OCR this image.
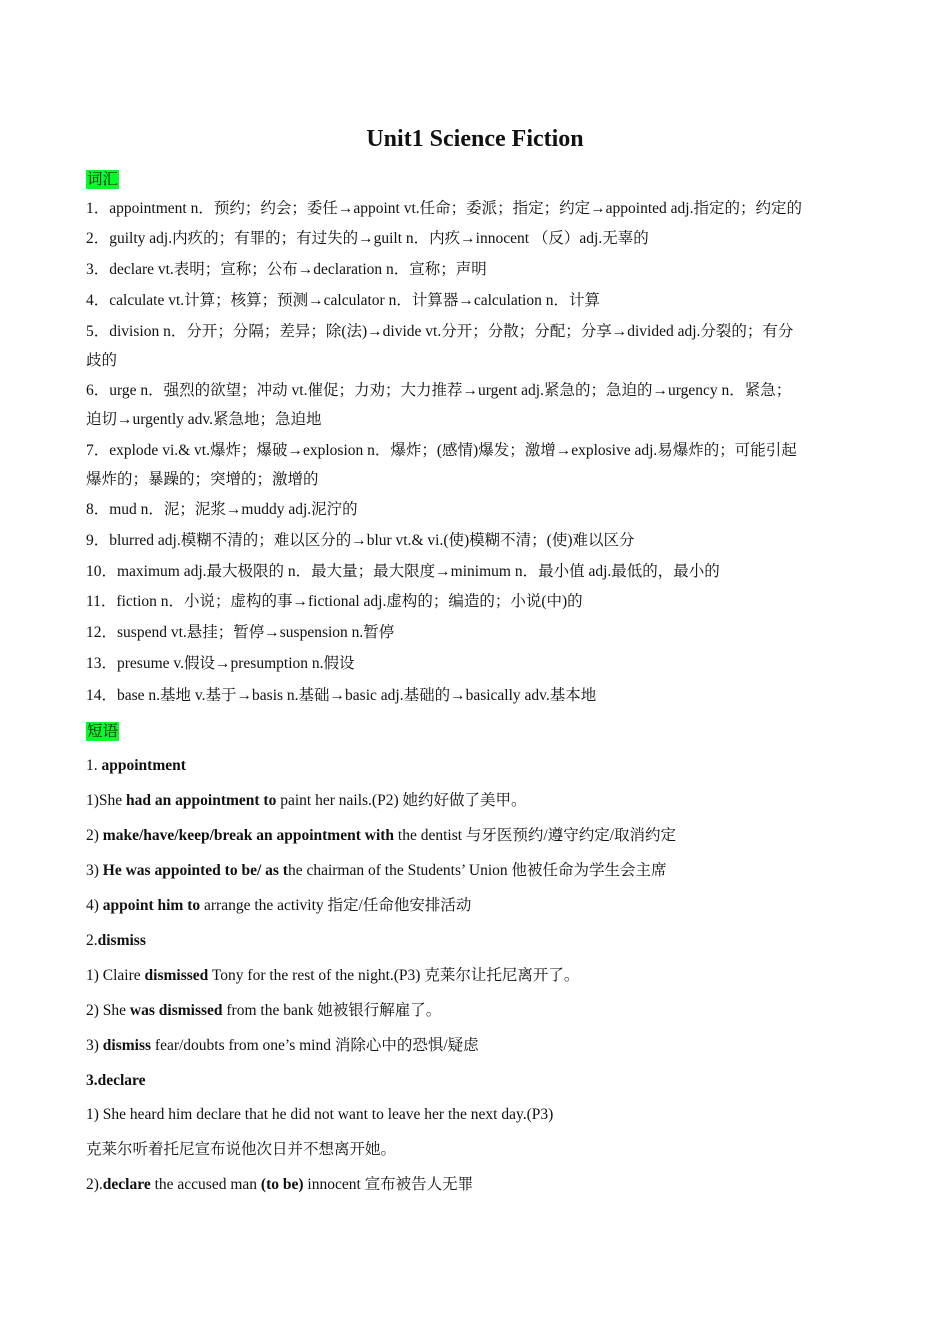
Unit1 Science Fiction
词汇
1．appointment n．预约；约会；委任→appoint vt.任命；委派；指定；约定→appointed adj.指定的；约定的
2．guilty adj.内疚的；有罪的；有过失的→guilt n．内疚→innocent （反）adj.无辜的
3．declare vt.表明；宣称；公布→declaration n．宣称；声明
4．calculate vt.计算；核算；预测→calculator n．计算器→calculation n．计算
5．division n．分开；分隔；差异；除(法)→divide vt.分开；分散；分配；分享→divided adj.分裂的；有分
歧的
6．urge n．强烈的欲望；冲动 vt.催促；力劝；大力推荐→urgent adj.紧急的；急迫的→urgency n．紧急；
迫切→urgently adv.紧急地；急迫地
7．explode vi.& vt.爆炸；爆破→explosion n．爆炸；(感情)爆发；激增→explosive adj.易爆炸的；可能引起
爆炸的；暴躁的；突增的；激增的
8．mud n．泥；泥浆→muddy adj.泥泞的
9．blurred adj.模糊不清的；难以区分的→blur vt.& vi.(使)模糊不清；(使)难以区分
10．maximum adj.最大极限的 n．最大量；最大限度→minimum n．最小值 adj.最低的，最小的
11．fiction n．小说；虚构的事→fictional adj.虚构的；编造的；小说(中)的
12．suspend vt.悬挂；暂停→suspension n.暂停
13．presume v.假设→presumption n.假设
14．base n.基地 v.基于→basis n.基础→basic adj.基础的→basically adv.基本地
短语
1. appointment
1)She had an appointment to paint her nails.(P2) 她约好做了美甲。
2) make/have/keep/break an appointment with the dentist 与牙医预约/遵守约定/取消约定
3) He was appointed to be/ as the chairman of the Students’ Union 他被任命为学生会主席
4) appoint him to arrange the activity 指定/任命他安排活动
2.dismiss
1) Claire dismissed Tony for the rest of the night.(P3) 克莱尔让托尼离开了。
2) She was dismissed from the bank 她被银行解雇了。
3) dismiss fear/doubts from one’s mind 消除心中的恐惧/疑虑
3.declare
1) She heard him declare that he did not want to leave her the next day.(P3)
克莱尔听着托尼宣布说他次日并不想离开她。
2).declare the accused man (to be) innocent 宣布被告人无罪
